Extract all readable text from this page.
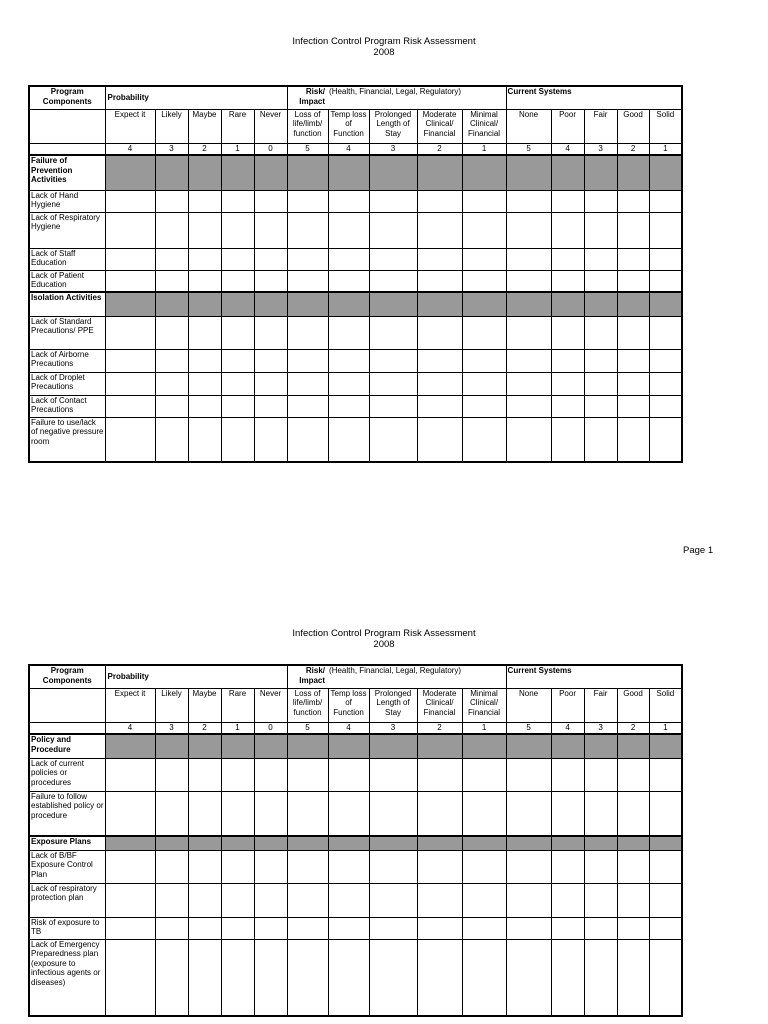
Infection Control Program Risk Assessment
2008
Program Components	Probability					Risk/ Impact	(Health, Financial, Legal, Regulatory)				Current Systems				
	Expect it	Likely	Maybe	Rare	Never	Loss of life/limb/ function	Temp loss of Function	Prolonged Length of Stay	Moderate Clinical/ Financial	Minimal Clinical/ Financial	None	Poor	Fair	Good	Solid
	4	3	2	1	0	5	4	3	2	1	5	4	3	2	1
Failure of Prevention Activities															
Lack of Hand Hygiene															
Lack of Respiratory Hygiene															
Lack of Staff Education															
Lack of Patient Education															
Isolation Activities															
Lack of Standard Precautions/ PPE															
Lack of Airborne Precautions															
Lack of Droplet Precautions															
Lack of Contact Precautions															
Failure to use/lack of negative pressure room															
Page 1
Infection Control Program Risk Assessment
2008
Program Components	Probability					Risk/ Impact	(Health, Financial, Legal, Regulatory)				Current Systems				
	Expect it	Likely	Maybe	Rare	Never	Loss of life/limb/ function	Temp loss of Function	Prolonged Length of Stay	Moderate Clinical/ Financial	Minimal Clinical/ Financial	None	Poor	Fair	Good	Solid
	4	3	2	1	0	5	4	3	2	1	5	4	3	2	1
Policy and Procedure															
Lack of current policies or procedures															
Failure to follow established policy or procedure															
Exposure Plans															
Lack of B/BF Exposure Control Plan															
Lack of respiratory protection plan															
Risk of exposure to TB															
Lack of Emergency Preparedness plan (exposure to infectious agents or diseases)															
